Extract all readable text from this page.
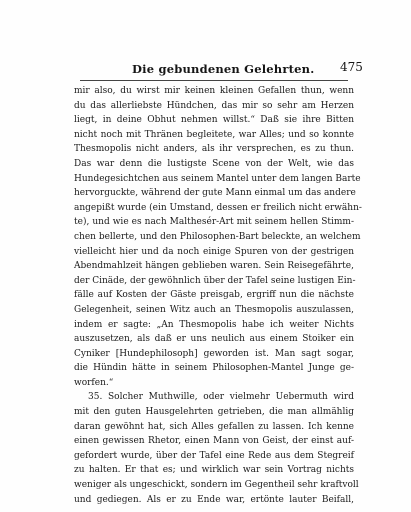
Die gebundenen Gelehrten. 475
mir also, du wirst mir keinen kleinen Gefallen thun, wenn
du das allerliebste Hündchen, das mir so sehr am Herzen
liegt, in deine Obhut nehmen willst.“ Daß sie ihre Bitten
nicht noch mit Thränen begleitete, war Alles; und so konnte
Thesmopolis nicht anders, als ihr versprechen, es zu thun.
Das war denn die lustigste Scene von der Welt, wie das
Hundegesichtchen aus seinem Mantel unter dem langen Barte
hervorguckte, während der gute Mann einmal um das andere
angepißt wurde (ein Umstand, dessen er freilich nicht erwähn-
te), und wie es nach Malthesér-Art mit seinem hellen Stimm-
chen bellerte, und den Philosophen-Bart beleckte, an welchem
vielleicht hier und da noch einige Spuren von der gestrigen
Abendmahlzeit hängen geblieben waren. Sein Reisegefährte,
der Cinäde, der gewöhnlich über der Tafel seine lustigen Ein-
fälle auf Kosten der Gäste preisgab, ergriff nun die nächste
Gelegenheit, seinen Witz auch an Thesmopolis auszulassen,
indem er sagte: „An Thesmopolis habe ich weiter Nichts
auszusetzen, als daß er uns neulich aus einem Stoiker ein
Cyniker [Hundephilosoph] geworden ist. Man sagt sogar,
die Hündin hätte in seinem Philosophen-Mantel Junge ge-
worfen.“
35. Solcher Muthwille, oder vielmehr Uebermuth wird
mit den guten Hausgelehrten getrieben, die man allmählig
daran gewöhnt hat, sich Alles gefallen zu lassen. Ich kenne
einen gewissen Rhetor, einen Mann von Geist, der einst auf-
gefordert wurde, über der Tafel eine Rede aus dem Stegreif
zu halten. Er that es; und wirklich war sein Vortrag nichts
weniger als ungeschickt, sondern im Gegentheil sehr kraftvoll
und gediegen. Als er zu Ende war, ertönte lauter Beifall,
